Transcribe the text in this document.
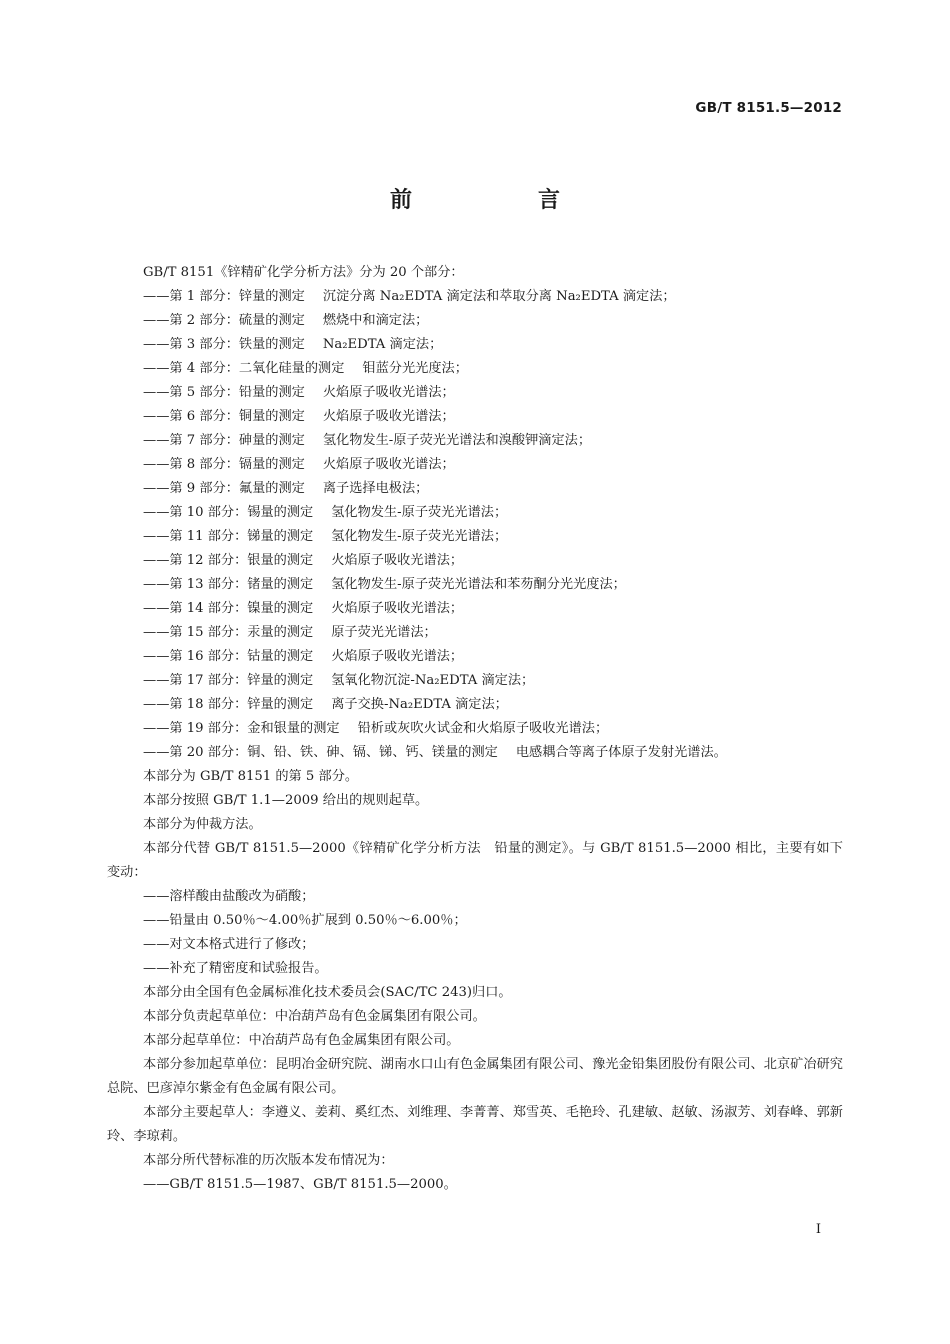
GB/T 8151.5—2012
前　言

GB/T 8151《锌精矿化学分析方法》分为 20 个部分：

——第 1 部分：锌量的测定 沉淀分离 Na₂EDTA 滴定法和萃取分离 Na₂EDTA 滴定法；

——第 2 部分：硫量的测定 燃烧中和滴定法；

——第 3 部分：铁量的测定 Na₂EDTA 滴定法；

——第 4 部分：二氧化硅量的测定 钼蓝分光光度法；

——第 5 部分：铅量的测定 火焰原子吸收光谱法；

——第 6 部分：铜量的测定 火焰原子吸收光谱法；

——第 7 部分：砷量的测定 氢化物发生-原子荧光光谱法和溴酸钾滴定法；

——第 8 部分：镉量的测定 火焰原子吸收光谱法；

——第 9 部分：氟量的测定 离子选择电极法；

——第 10 部分：锡量的测定 氢化物发生-原子荧光光谱法；

——第 11 部分：锑量的测定 氢化物发生-原子荧光光谱法；

——第 12 部分：银量的测定 火焰原子吸收光谱法；

——第 13 部分：锗量的测定 氢化物发生-原子荧光光谱法和苯芴酮分光光度法；

——第 14 部分：镍量的测定 火焰原子吸收光谱法；

——第 15 部分：汞量的测定 原子荧光光谱法；

——第 16 部分：钴量的测定 火焰原子吸收光谱法；

——第 17 部分：锌量的测定 氢氧化物沉淀-Na₂EDTA 滴定法；

——第 18 部分：锌量的测定 离子交换-Na₂EDTA 滴定法；

——第 19 部分：金和银量的测定 铅析或灰吹火试金和火焰原子吸收光谱法；

——第 20 部分：铜、铅、铁、砷、镉、锑、钙、镁量的测定 电感耦合等离子体原子发射光谱法。

本部分为 GB/T 8151 的第 5 部分。

本部分按照 GB/T 1.1—2009 给出的规则起草。

本部分为仲裁方法。

本部分代替 GB/T 8151.5—2000《锌精矿化学分析方法　铅量的测定》。与 GB/T 8151.5—2000 相比，主要有如下变动：

——溶样酸由盐酸改为硝酸；

——铅量由 0.50％～4.00％扩展到 0.50％～6.00％；

——对文本格式进行了修改；

——补充了精密度和试验报告。

本部分由全国有色金属标准化技术委员会(SAC/TC 243)归口。

本部分负责起草单位：中冶葫芦岛有色金属集团有限公司。

本部分起草单位：中冶葫芦岛有色金属集团有限公司。

本部分参加起草单位：昆明冶金研究院、湖南水口山有色金属集团有限公司、豫光金铅集团股份有限公司、北京矿冶研究总院、巴彦淖尔紫金有色金属有限公司。

本部分主要起草人：李遵义、姜莉、奚红杰、刘维理、李菁菁、郑雪英、毛艳玲、孔建敏、赵敏、汤淑芳、刘春峰、郭新玲、李琼莉。

本部分所代替标准的历次版本发布情况为：

——GB/T 8151.5—1987、GB/T 8151.5—2000。

I
